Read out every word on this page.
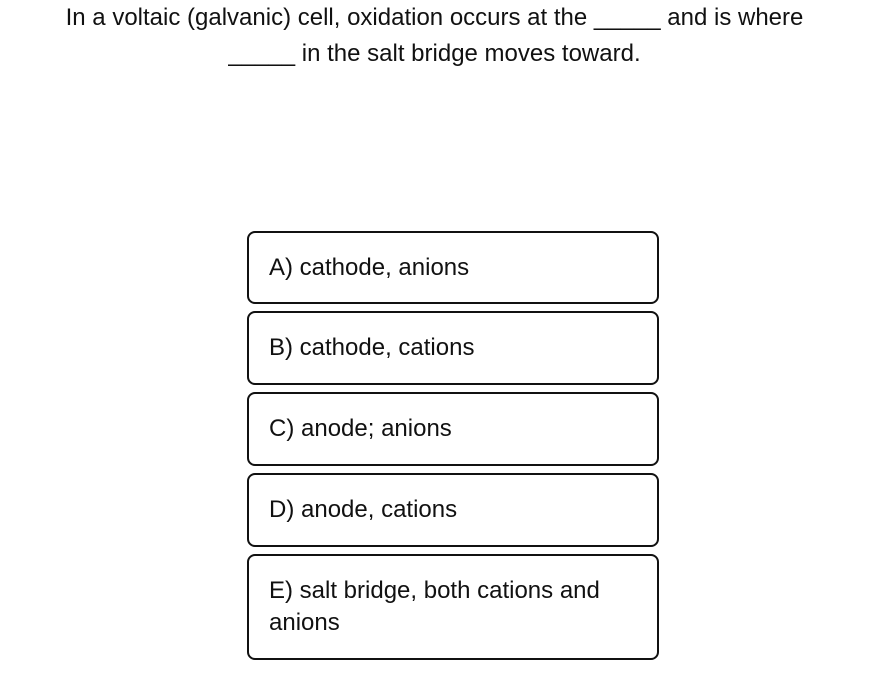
In a voltaic (galvanic) cell, oxidation occurs at the _____ and is where
_____ in the salt bridge moves toward.
A) cathode, anions
B) cathode, cations
C) anode; anions
D) anode, cations
E) salt bridge, both cations and anions
